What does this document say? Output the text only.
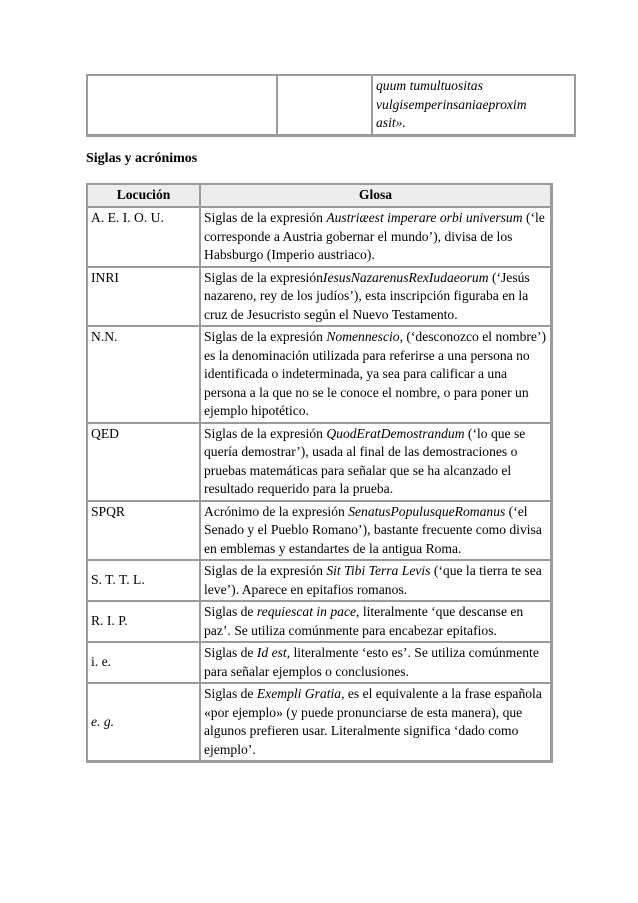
		quum tumultuositas
vulgisemperinsaniaeproxim
asit».
Siglas y acrónimos
Locución	Glosa
A. E. I. O. U.	Siglas de la expresión Austriæest imperare orbi universum (‘le corresponde a Austria gobernar el mundo’), divisa de los Habsburgo (Imperio austriaco).
INRI	Siglas de la expresiónIesusNazarenusRexIudaeorum (‘Jesús nazareno, rey de los judíos’), esta inscripción figuraba en la cruz de Jesucristo según el Nuevo Testamento.
N.N.	Siglas de la expresión Nomennescio, (‘desconozco el nombre’) es la denominación utilizada para referirse a una persona no identificada o indeterminada, ya sea para calificar a una persona a la que no se le conoce el nombre, o para poner un ejemplo hipotético.
QED	Siglas de la expresión QuodEratDemostrandum (‘lo que se quería demostrar’), usada al final de las demostraciones o pruebas matemáticas para señalar que se ha alcanzado el resultado requerido para la prueba.
SPQR	Acrónimo de la expresión SenatusPopulusqueRomanus (‘el Senado y el Pueblo Romano’), bastante frecuente como divisa en emblemas y estandartes de la antigua Roma.
S. T. T. L.	Siglas de la expresión Sit Tibi Terra Levis (‘que la tierra te sea leve’). Aparece en epitafios romanos.
R. I. P.	Siglas de requiescat in pace, literalmente ‘que descanse en paz’. Se utiliza comúnmente para encabezar epitafios.
i. e.	Siglas de Id est, literalmente ‘esto es’. Se utiliza comúnmente para señalar ejemplos o conclusiones.
e. g.	Siglas de Exempli Gratia, es el equivalente a la frase española «por ejemplo» (y puede pronunciarse de esta manera), que algunos prefieren usar. Literalmente significa ‘dado como ejemplo’.
